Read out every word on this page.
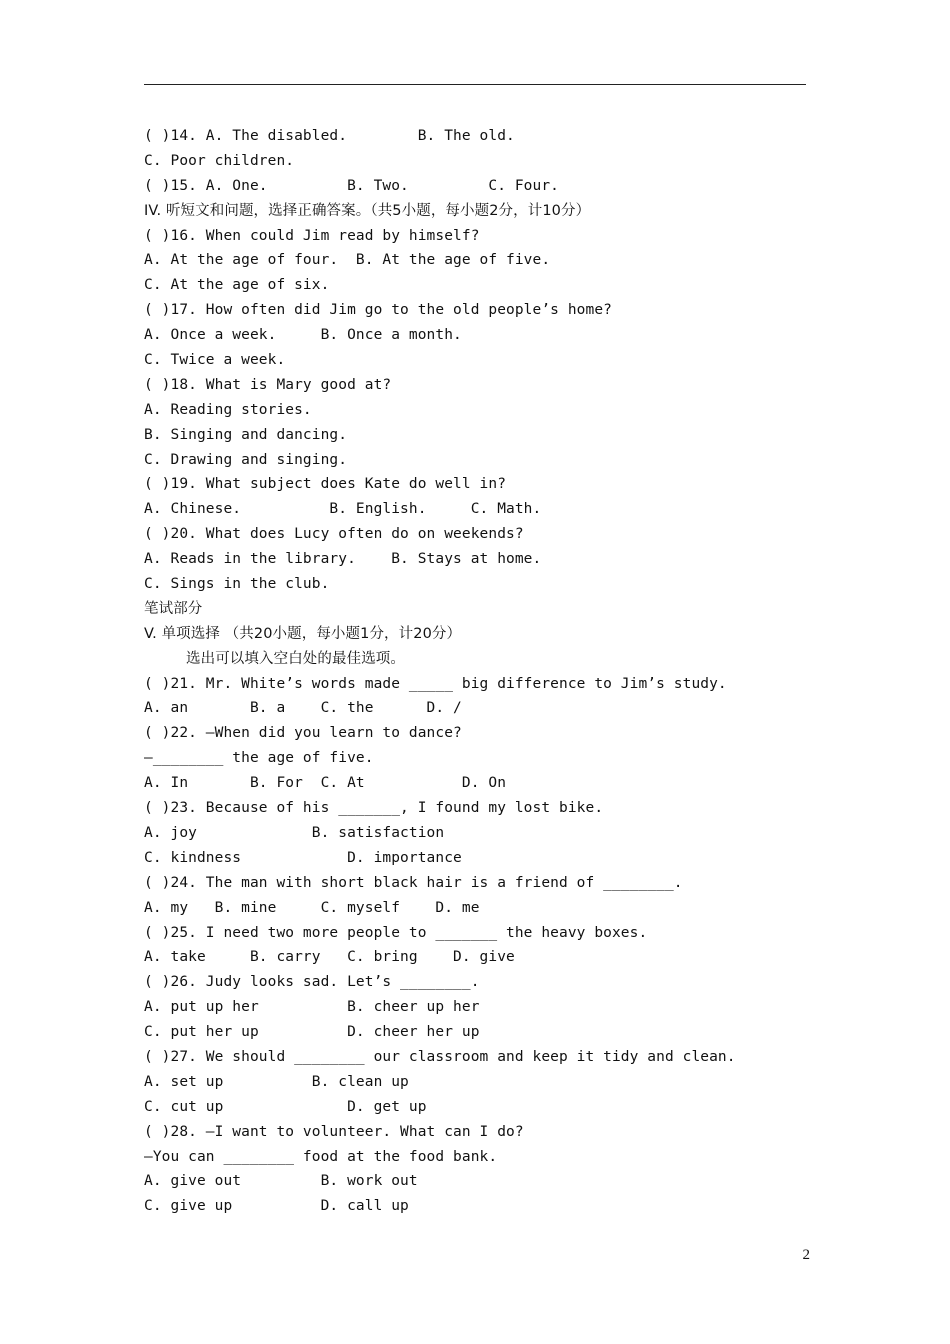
( )14. A. The disabled.        B. The old.
C. Poor children.
( )15. A. One.         B. Two.         C. Four.
IV. 听短文和问题，选择正确答案。（共5小题，每小题2分，计10分）
( )16. When could Jim read by himself?
A. At the age of four.  B. At the age of five.
C. At the age of six.
( )17. How often did Jim go to the old people’s home?
A. Once a week.     B. Once a month.
C. Twice a week.
( )18. What is Mary good at?
A. Reading stories.
B. Singing and dancing.
C. Drawing and singing.
( )19. What subject does Kate do well in?
A. Chinese.          B. English.     C. Math.
( )20. What does Lucy often do on weekends?
A. Reads in the library.    B. Stays at home.
C. Sings in the club.
笔试部分
V. 单项选择 （共20小题，每小题1分，计20分）
选出可以填入空白处的最佳选项。
( )21. Mr. White’s words made _____ big difference to Jim’s study.
A. an       B. a    C. the      D. /
( )22. —When did you learn to dance?
—________ the age of five.
A. In       B. For  C. At           D. On
( )23. Because of his _______, I found my lost bike.
A. joy             B. satisfaction
C. kindness            D. importance
( )24. The man with short black hair is a friend of ________.
A. my   B. mine     C. myself    D. me
( )25. I need two more people to _______ the heavy boxes.
A. take     B. carry   C. bring    D. give
( )26. Judy looks sad. Let’s ________.
A. put up her          B. cheer up her
C. put her up          D. cheer her up
( )27. We should ________ our classroom and keep it tidy and clean.
A. set up          B. clean up
C. cut up              D. get up
( )28. —I want to volunteer. What can I do?
—You can ________ food at the food bank.
A. give out         B. work out
C. give up          D. call up
2
